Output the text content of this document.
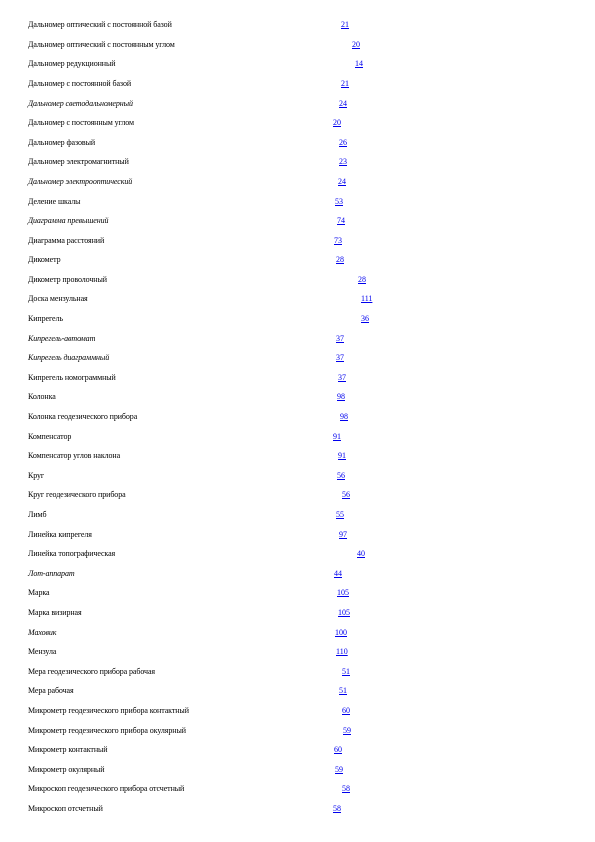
Дальномер оптический с постоянной базой	21
Дальномер оптический с постоянным углом	20
Дальномер редукционный	14
Дальномер с постоянной базой	21
Дальномер светодальномерный	24
Дальномер с постоянным углом	20
Дальномер фазовый	26
Дальномер электромагнитный	23
Дальномер электрооптический	24
Деление шкалы	53
Диаграмма превышений	74
Диаграмма расстояний	73
Дикометр	28
Дикометр проволочный	28
Доска мензульная	111
Кипрегель	36
Кипрегель-автомат	37
Кипрегель диаграммный	37
Кипрегель номограммный	37
Колонка	98
Колонка геодезического прибора	98
Компенсатор	91
Компенсатор углов наклона	91
Круг	56
Круг геодезического прибора	56
Лимб	55
Линейка кипрегеля	97
Линейка топографическая	40
Лот-аппарат	44
Марка	105
Марка визирная	105
Маховик	100
Мензула	110
Мера геодезического прибора рабочая	51
Мера рабочая	51
Микрометр геодезического прибора контактный	60
Микрометр геодезического прибора окулярный	59
Микрометр контактный	60
Микрометр окулярный	59
Микроскоп геодезического прибора отсчетный	58
Микроскоп отсчетный	58
